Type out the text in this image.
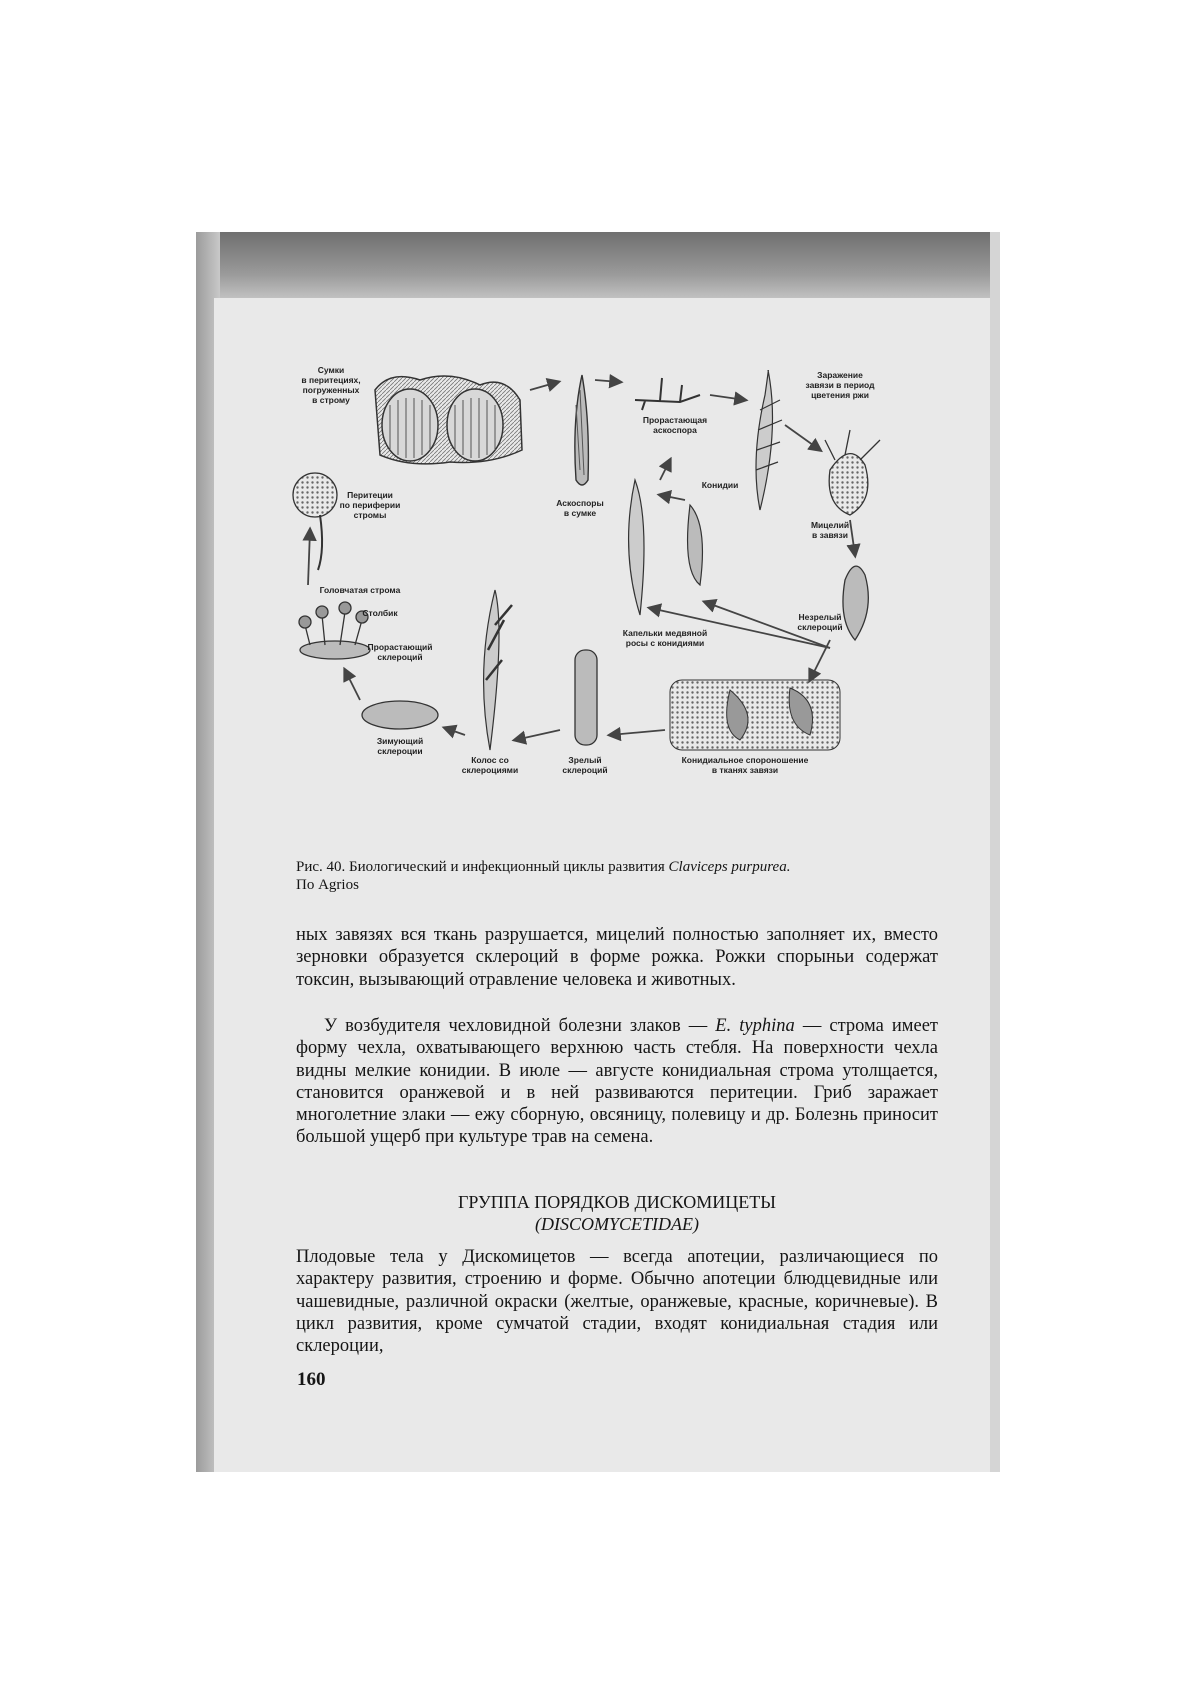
Сумки
в перитециях,
погруженных
в строму
Перитеции
по периферии
стромы
Аскоспоры
в сумке
Прорастающая
аскоспора
Заражение
завязи в период
цветения ржи
Конидии
Мицелий
в завязи
Головчатая строма
Столбик
Прорастающий
склероций
Капельки медвяной
росы с конидиями
Незрелый
склероций
Зимующий
склероции
Колос со
склероциями
Зрелый
склероций
Конидиальное спороношение
в тканях завязи
Рис. 40. Биологический и инфекционный циклы развития Claviceps purpurea.
По Agrios
ных завязях вся ткань разрушается, мицелий полностью заполняет их, вместо зерновки образуется склероций в форме рожка. Рожки спорыньи содержат токсин, вызывающий отравление человека и животных.
У возбудителя чехловидной болезни злаков — E. typhina — строма имеет форму чехла, охватывающего верхнюю часть стебля. На поверхности чехла видны мелкие конидии. В июле — августе конидиальная строма утолщается, становится оранжевой и в ней развиваются перитеции. Гриб заражает многолетние злаки — ежу сборную, овсяницу, полевицу и др. Болезнь приносит большой ущерб при культуре трав на семена.
ГРУППА ПОРЯДКОВ ДИСКОМИЦЕТЫ
(DISCOMYCETIDAE)
Плодовые тела у Дискомицетов — всегда апотеции, различающиеся по характеру развития, строению и форме. Обычно апотеции блюдцевидные или чашевидные, различной окраски (желтые, оранжевые, красные, коричневые). В цикл развития, кроме сумчатой стадии, входят конидиальная стадия или склероции,
160
